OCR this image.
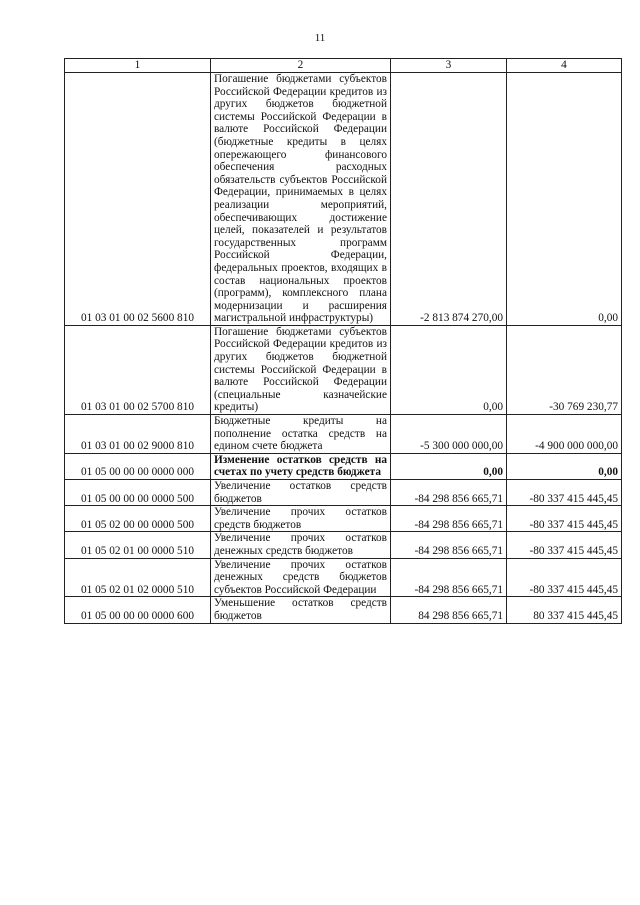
11
1	2	3	4
01 03 01 00 02 5600 810	Погашение бюджетами субъектов Российской Федерации кредитов из других бюджетов бюджетной системы Российской Федерации в валюте Российской Федерации (бюджетные кредиты в целях опережающего финансового обеспечения расходных обязательств субъектов Российской Федерации, принимаемых в целях реализации мероприятий, обеспечивающих достижение целей, показателей и результатов государственных программ Российской Федерации, федеральных проектов, входящих в состав национальных проектов (программ), комплексного плана модернизации и расширения магистральной инфраструктуры)	-2 813 874 270,00	0,00
01 03 01 00 02 5700 810	Погашение бюджетами субъектов Российской Федерации кредитов из других бюджетов бюджетной системы Российской Федерации в валюте Российской Федерации (специальные казначейские кредиты)	0,00	-30 769 230,77
01 03 01 00 02 9000 810	Бюджетные кредиты на пополнение остатка средств на едином счете бюджета	-5 300 000 000,00	-4 900 000 000,00
01 05 00 00 00 0000 000	Изменение остатков средств на счетах по учету средств бюджета	0,00	0,00
01 05 00 00 00 0000 500	Увеличение остатков средств бюджетов	-84 298 856 665,71	-80 337 415 445,45
01 05 02 00 00 0000 500	Увеличение прочих остатков средств бюджетов	-84 298 856 665,71	-80 337 415 445,45
01 05 02 01 00 0000 510	Увеличение прочих остатков денежных средств бюджетов	-84 298 856 665,71	-80 337 415 445,45
01 05 02 01 02 0000 510	Увеличение прочих остатков денежных средств бюджетов субъектов Российской Федерации	-84 298 856 665,71	-80 337 415 445,45
01 05 00 00 00 0000 600	Уменьшение остатков средств бюджетов	84 298 856 665,71	80 337 415 445,45
